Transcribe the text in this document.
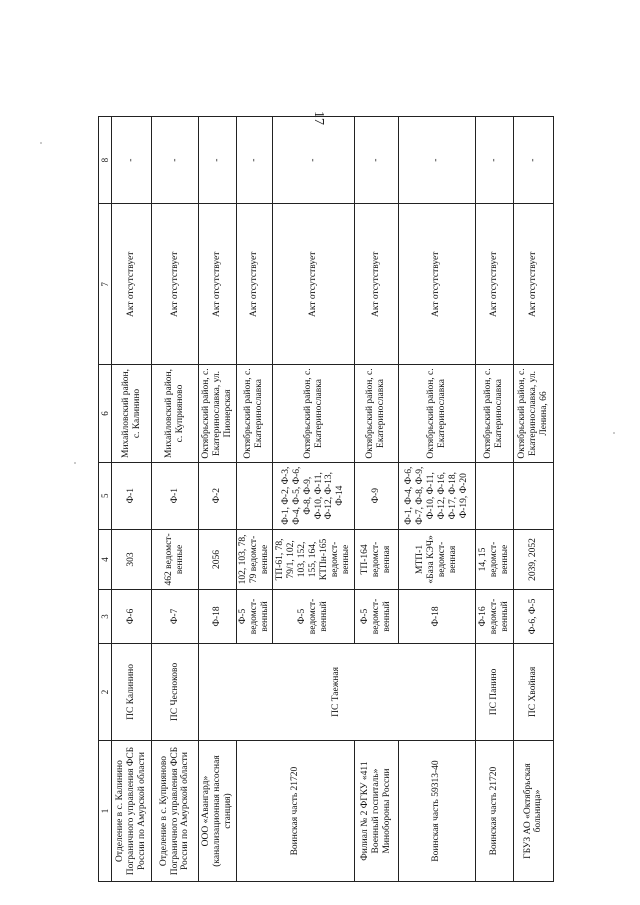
17
1	2	3	4	5	6	7	8
Отделение в с. Калинино Пограничного управления ФСБ России по Амурской области	ПС Калинино	Ф-6	303	Ф-1	Михайловский район, с. Калинино	Акт отсутствует	-
Отделение в с. Куприяново Пограничного управления ФСБ России по Амурской области	ПС Чесноково	Ф-7	462 ведомст-венные	Ф-1	Михайловский район, с. Куприяново	Акт отсутствует	-
ООО «Авангард» (канализационная насосная станция)	ПС Таежная	Ф-18	2056	Ф-2	Октябрьский район, с. Екатеринославка, ул. Пионерская	Акт отсутствует	-
Воинская часть 21720		Ф-5 ведомст-венный	102, 103, 78, 79 ведомст-венные		Октябрьский район, с. Екатеринославка	Акт отсутствует	-
		Ф-5 ведомст-венный	ТП-61, 78, 79/1, 102, 103, 152, 155, 164, КТПн-165 ведомст-венные	Ф-1, Ф-2, Ф-3, Ф-4, Ф-5, Ф-6, Ф-8, Ф-9, Ф-10, Ф-11, Ф-12, Ф-13, Ф-14	Октябрьский район, с. Екатеринославка	Акт отсутствует	-
Филиал № 2 ФГКУ «411 Военный госпиталь» Минобороны России		Ф-5 ведомст-венный	ТП-164 ведомст-венная	Ф-9	Октябрьский район, с. Екатеринославка	Акт отсутствует	-
Воинская часть 59313-40		Ф-18	МТП-1 «База КЭЧ» ведомст-венная	Ф-1, Ф-4, Ф-6, Ф-7, Ф-8, Ф-9, Ф-10, Ф-11, Ф-12, Ф-16, Ф-17, Ф-18, Ф-19, Ф-20	Октябрьский район, с. Екатеринославка	Акт отсутствует	-
Воинская часть 21720	ПС Панино	Ф-16 ведомст-венный	14, 15 ведомст-венные		Октябрьский район, с. Екатеринославка	Акт отсутствует	-
ГБУЗ АО «Октябрьская больница»	ПС Хвойная	Ф-6, Ф-5	2039, 2052		Октябрьский район, с. Екатеринославка, ул. Ленина, 66	Акт отсутствует	-
